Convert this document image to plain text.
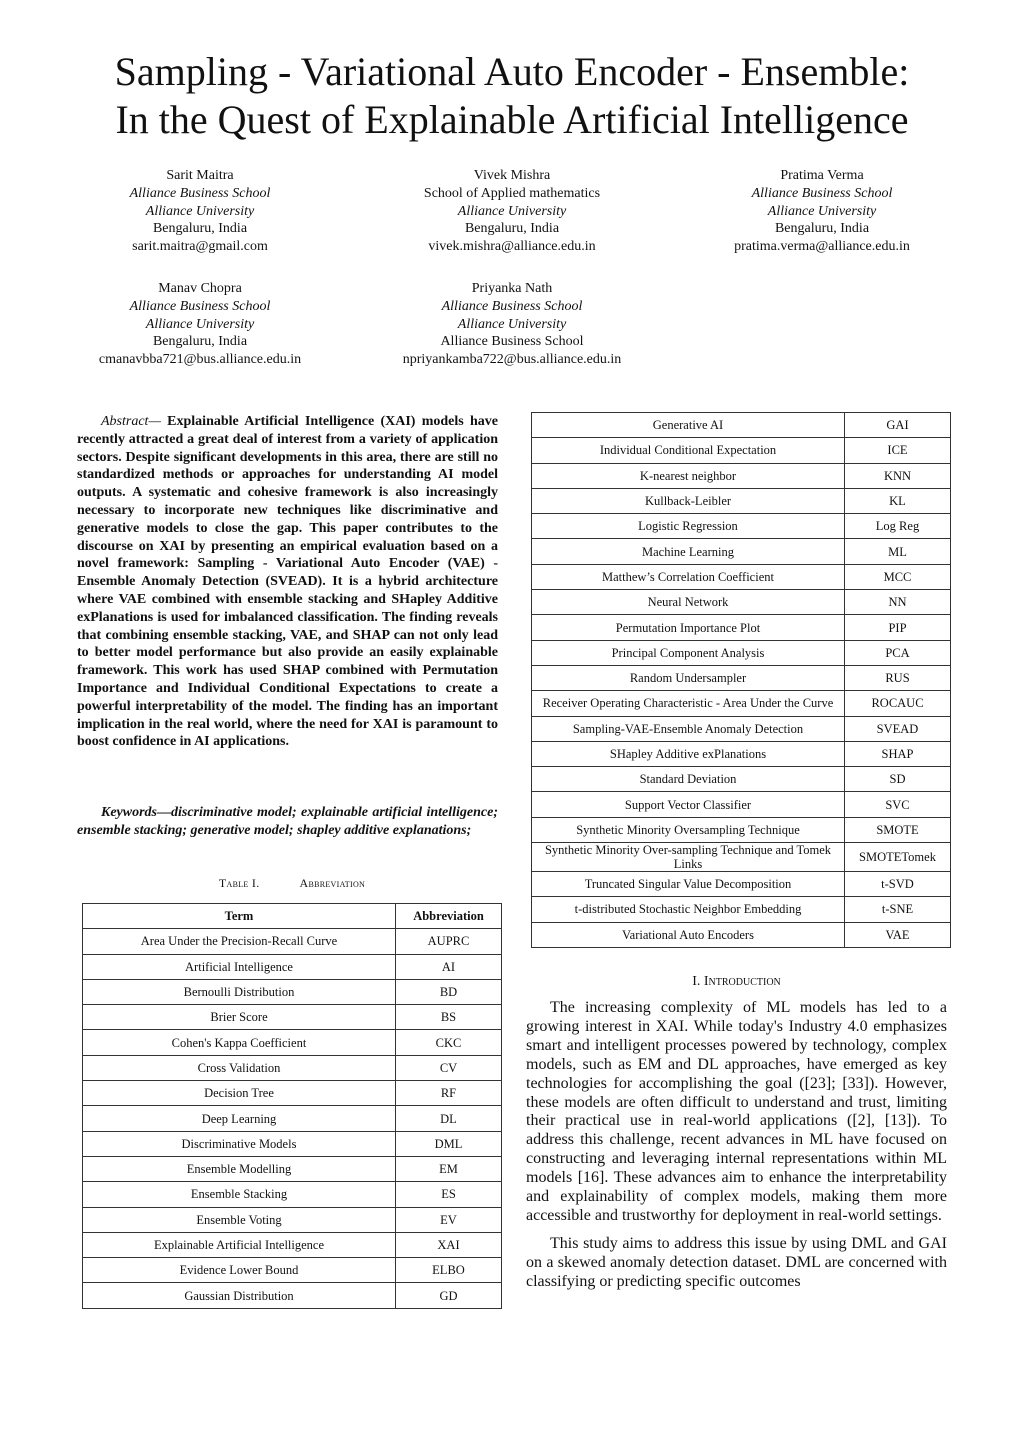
Sampling - Variational Auto Encoder - Ensemble:
In the Quest of Explainable Artificial Intelligence
Sarit Maitra
Alliance Business School
Alliance University
Bengaluru, India
sarit.maitra@gmail.com
Vivek Mishra
School of Applied mathematics
Alliance University
Bengaluru, India
vivek.mishra@alliance.edu.in
Pratima Verma
Alliance Business School
Alliance University
Bengaluru, India
pratima.verma@alliance.edu.in
Manav Chopra
Alliance Business School
Alliance University
Bengaluru, India
cmanavbba721@bus.alliance.edu.in
Priyanka Nath
Alliance Business School
Alliance University
Alliance Business School
npriyankamba722@bus.alliance.edu.in
Abstract— Explainable Artificial Intelligence (XAI) models have recently attracted a great deal of interest from a variety of application sectors. Despite significant developments in this area, there are still no standardized methods or approaches for understanding AI model outputs. A systematic and cohesive framework is also increasingly necessary to incorporate new techniques like discriminative and generative models to close the gap. This paper contributes to the discourse on XAI by presenting an empirical evaluation based on a novel framework: Sampling - Variational Auto Encoder (VAE) - Ensemble Anomaly Detection (SVEAD). It is a hybrid architecture where VAE combined with ensemble stacking and SHapley Additive exPlanations is used for imbalanced classification. The finding reveals that combining ensemble stacking, VAE, and SHAP can not only lead to better model performance but also provide an easily explainable framework. This work has used SHAP combined with Permutation Importance and Individual Conditional Expectations to create a powerful interpretability of the model. The finding has an important implication in the real world, where the need for XAI is paramount to boost confidence in AI applications.
Keywords—discriminative model; explainable artificial intelligence; ensemble stacking; generative model; shapley additive explanations;
Table I.	Abbreviation
Term	Abbreviation
Area Under the Precision-Recall Curve	AUPRC
Artificial Intelligence	AI
Bernoulli Distribution	BD
Brier Score	BS
Cohen's Kappa Coefficient	CKC
Cross Validation	CV
Decision Tree	RF
Deep Learning	DL
Discriminative Models	DML
Ensemble Modelling	EM
Ensemble Stacking	ES
Ensemble Voting	EV
Explainable Artificial Intelligence	XAI
Evidence Lower Bound	ELBO
Gaussian Distribution	GD
Generative AI	GAI
Individual Conditional Expectation	ICE
K-nearest neighbor	KNN
Kullback-Leibler	KL
Logistic Regression	Log Reg
Machine Learning	ML
Matthew’s Correlation Coefficient	MCC
Neural Network	NN
Permutation Importance Plot	PIP
Principal Component Analysis	PCA
Random Undersampler	RUS
Receiver Operating Characteristic - Area Under the Curve	ROCAUC
Sampling-VAE-Ensemble Anomaly Detection	SVEAD
SHapley Additive exPlanations	SHAP
Standard Deviation	SD
Support Vector Classifier	SVC
Synthetic Minority Oversampling Technique	SMOTE
Synthetic Minority Over-sampling Technique and Tomek Links	SMOTETomek
Truncated Singular Value Decomposition	t-SVD
t-distributed Stochastic Neighbor Embedding	t-SNE
Variational Auto Encoders	VAE
I. Introduction

The increasing complexity of ML models has led to a growing interest in XAI. While today's Industry 4.0 emphasizes smart and intelligent processes powered by technology, complex models, such as EM and DL approaches, have emerged as key technologies for accomplishing the goal ([23]; [33]). However, these models are often difficult to understand and trust, limiting their practical use in real-world applications ([2], [13]). To address this challenge, recent advances in ML have focused on constructing and leveraging internal representations within ML models [16]. These advances aim to enhance the interpretability and explainability of complex models, making them more accessible and trustworthy for deployment in real-world settings.

This study aims to address this issue by using DML and GAI on a skewed anomaly detection dataset. DML are concerned with classifying or predicting specific outcomes
